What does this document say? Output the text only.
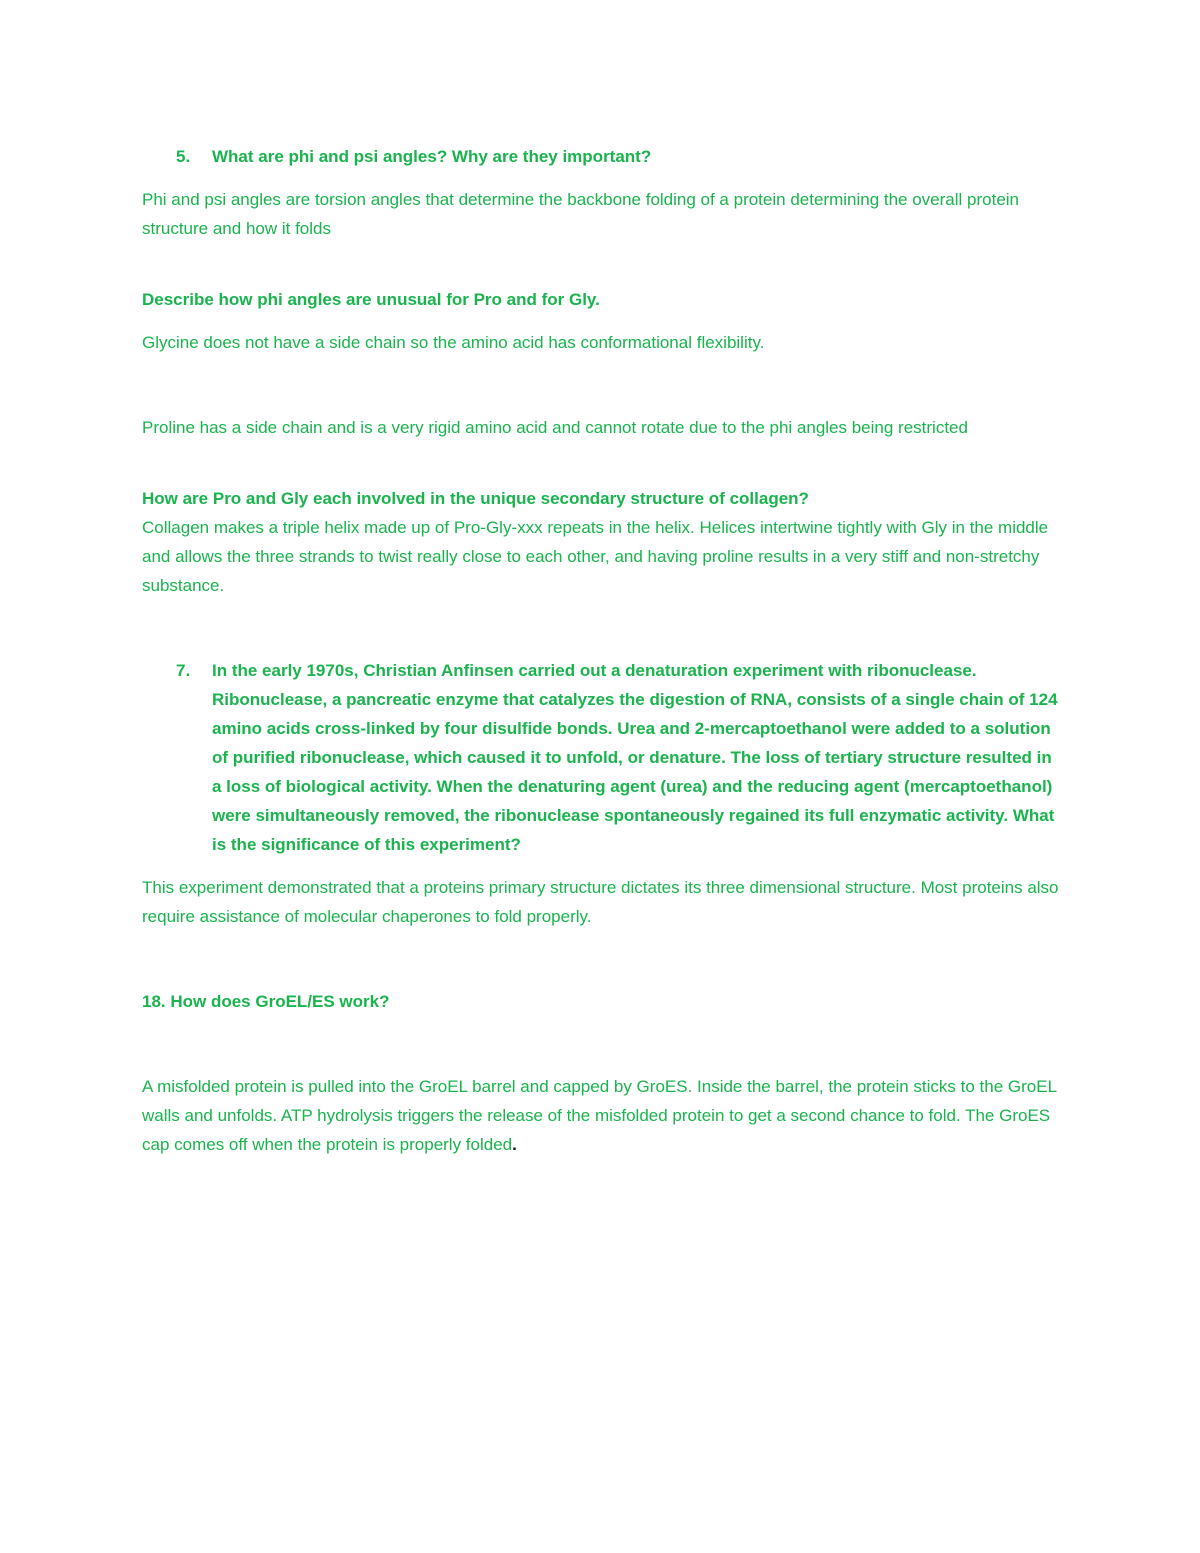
5.	What are phi and psi angles? Why are they important?

Phi and psi angles are torsion angles that determine the backbone folding of a protein determining the overall protein structure and how it folds

Describe how phi angles are unusual for Pro and for Gly.

Glycine does not have a side chain so the amino acid has conformational flexibility.

Proline has a side chain and is a very rigid amino acid and cannot rotate due to the phi angles being restricted

How are Pro and Gly each involved in the unique secondary structure of collagen?

Collagen makes a triple helix made up of Pro-Gly-xxx repeats in the helix. Helices intertwine tightly with Gly in the middle and allows the three strands to twist really close to each other, and having proline results in a very stiff and non-stretchy substance.

7.	In the early 1970s, Christian Anfinsen carried out a denaturation experiment with ribonuclease. Ribonuclease, a pancreatic enzyme that catalyzes the digestion of RNA, consists of a single chain of 124 amino acids cross-linked by four disulfide bonds. Urea and 2-mercaptoethanol were added to a solution of purified ribonuclease, which caused it to unfold, or denature. The loss of tertiary structure resulted in a loss of biological activity. When the denaturing agent (urea) and the reducing agent (mercaptoethanol) were simultaneously removed, the ribonuclease spontaneously regained its full enzymatic activity. What is the significance of this experiment?

This experiment demonstrated that a proteins primary structure dictates its three dimensional structure. Most proteins also require assistance of molecular chaperones to fold properly.

18. How does GroEL/ES work?

A misfolded protein is pulled into the GroEL barrel and capped by GroES. Inside the barrel, the protein sticks to the GroEL walls and unfolds. ATP hydrolysis triggers the release of the misfolded protein to get a second chance to fold. The GroES cap comes off when the protein is properly folded.
